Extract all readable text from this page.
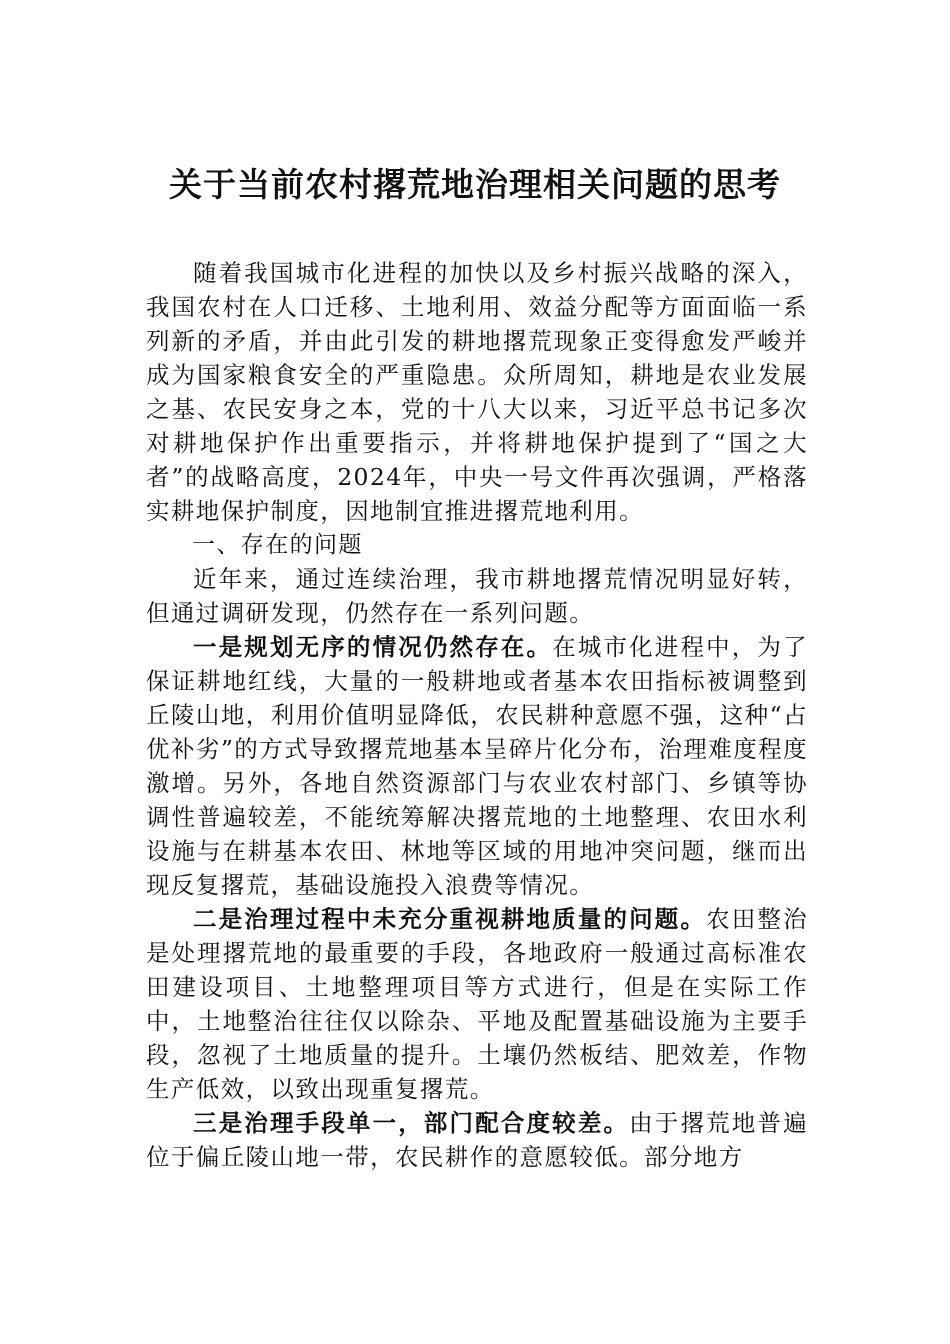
关于当前农村撂荒地治理相关问题的思考

随着我国城市化进程的加快以及乡村振兴战略的深入，我国农村在人口迁移、土地利用、效益分配等方面面临一系列新的矛盾，并由此引发的耕地撂荒现象正变得愈发严峻并成为国家粮食安全的严重隐患。众所周知，耕地是农业发展之基、农民安身之本，党的十八大以来，习近平总书记多次对耕地保护作出重要指示，并将耕地保护提到了“国之大者”的战略高度，2024年，中央一号文件再次强调，严格落实耕地保护制度，因地制宜推进撂荒地利用。

一、存在的问题

近年来，通过连续治理，我市耕地撂荒情况明显好转，但通过调研发现，仍然存在一系列问题。

一是规划无序的情况仍然存在。在城市化进程中，为了保证耕地红线，大量的一般耕地或者基本农田指标被调整到丘陵山地，利用价值明显降低，农民耕种意愿不强，这种“占优补劣”的方式导致撂荒地基本呈碎片化分布，治理难度程度激增。另外，各地自然资源部门与农业农村部门、乡镇等协调性普遍较差，不能统筹解决撂荒地的土地整理、农田水利设施与在耕基本农田、林地等区域的用地冲突问题，继而出现反复撂荒，基础设施投入浪费等情况。

二是治理过程中未充分重视耕地质量的问题。农田整治是处理撂荒地的最重要的手段，各地政府一般通过高标准农田建设项目、土地整理项目等方式进行，但是在实际工作中，土地整治往往仅以除杂、平地及配置基础设施为主要手段，忽视了土地质量的提升。土壤仍然板结、肥效差，作物生产低效，以致出现重复撂荒。

三是治理手段单一，部门配合度较差。由于撂荒地普遍位于偏丘陵山地一带，农民耕作的意愿较低。部分地方
